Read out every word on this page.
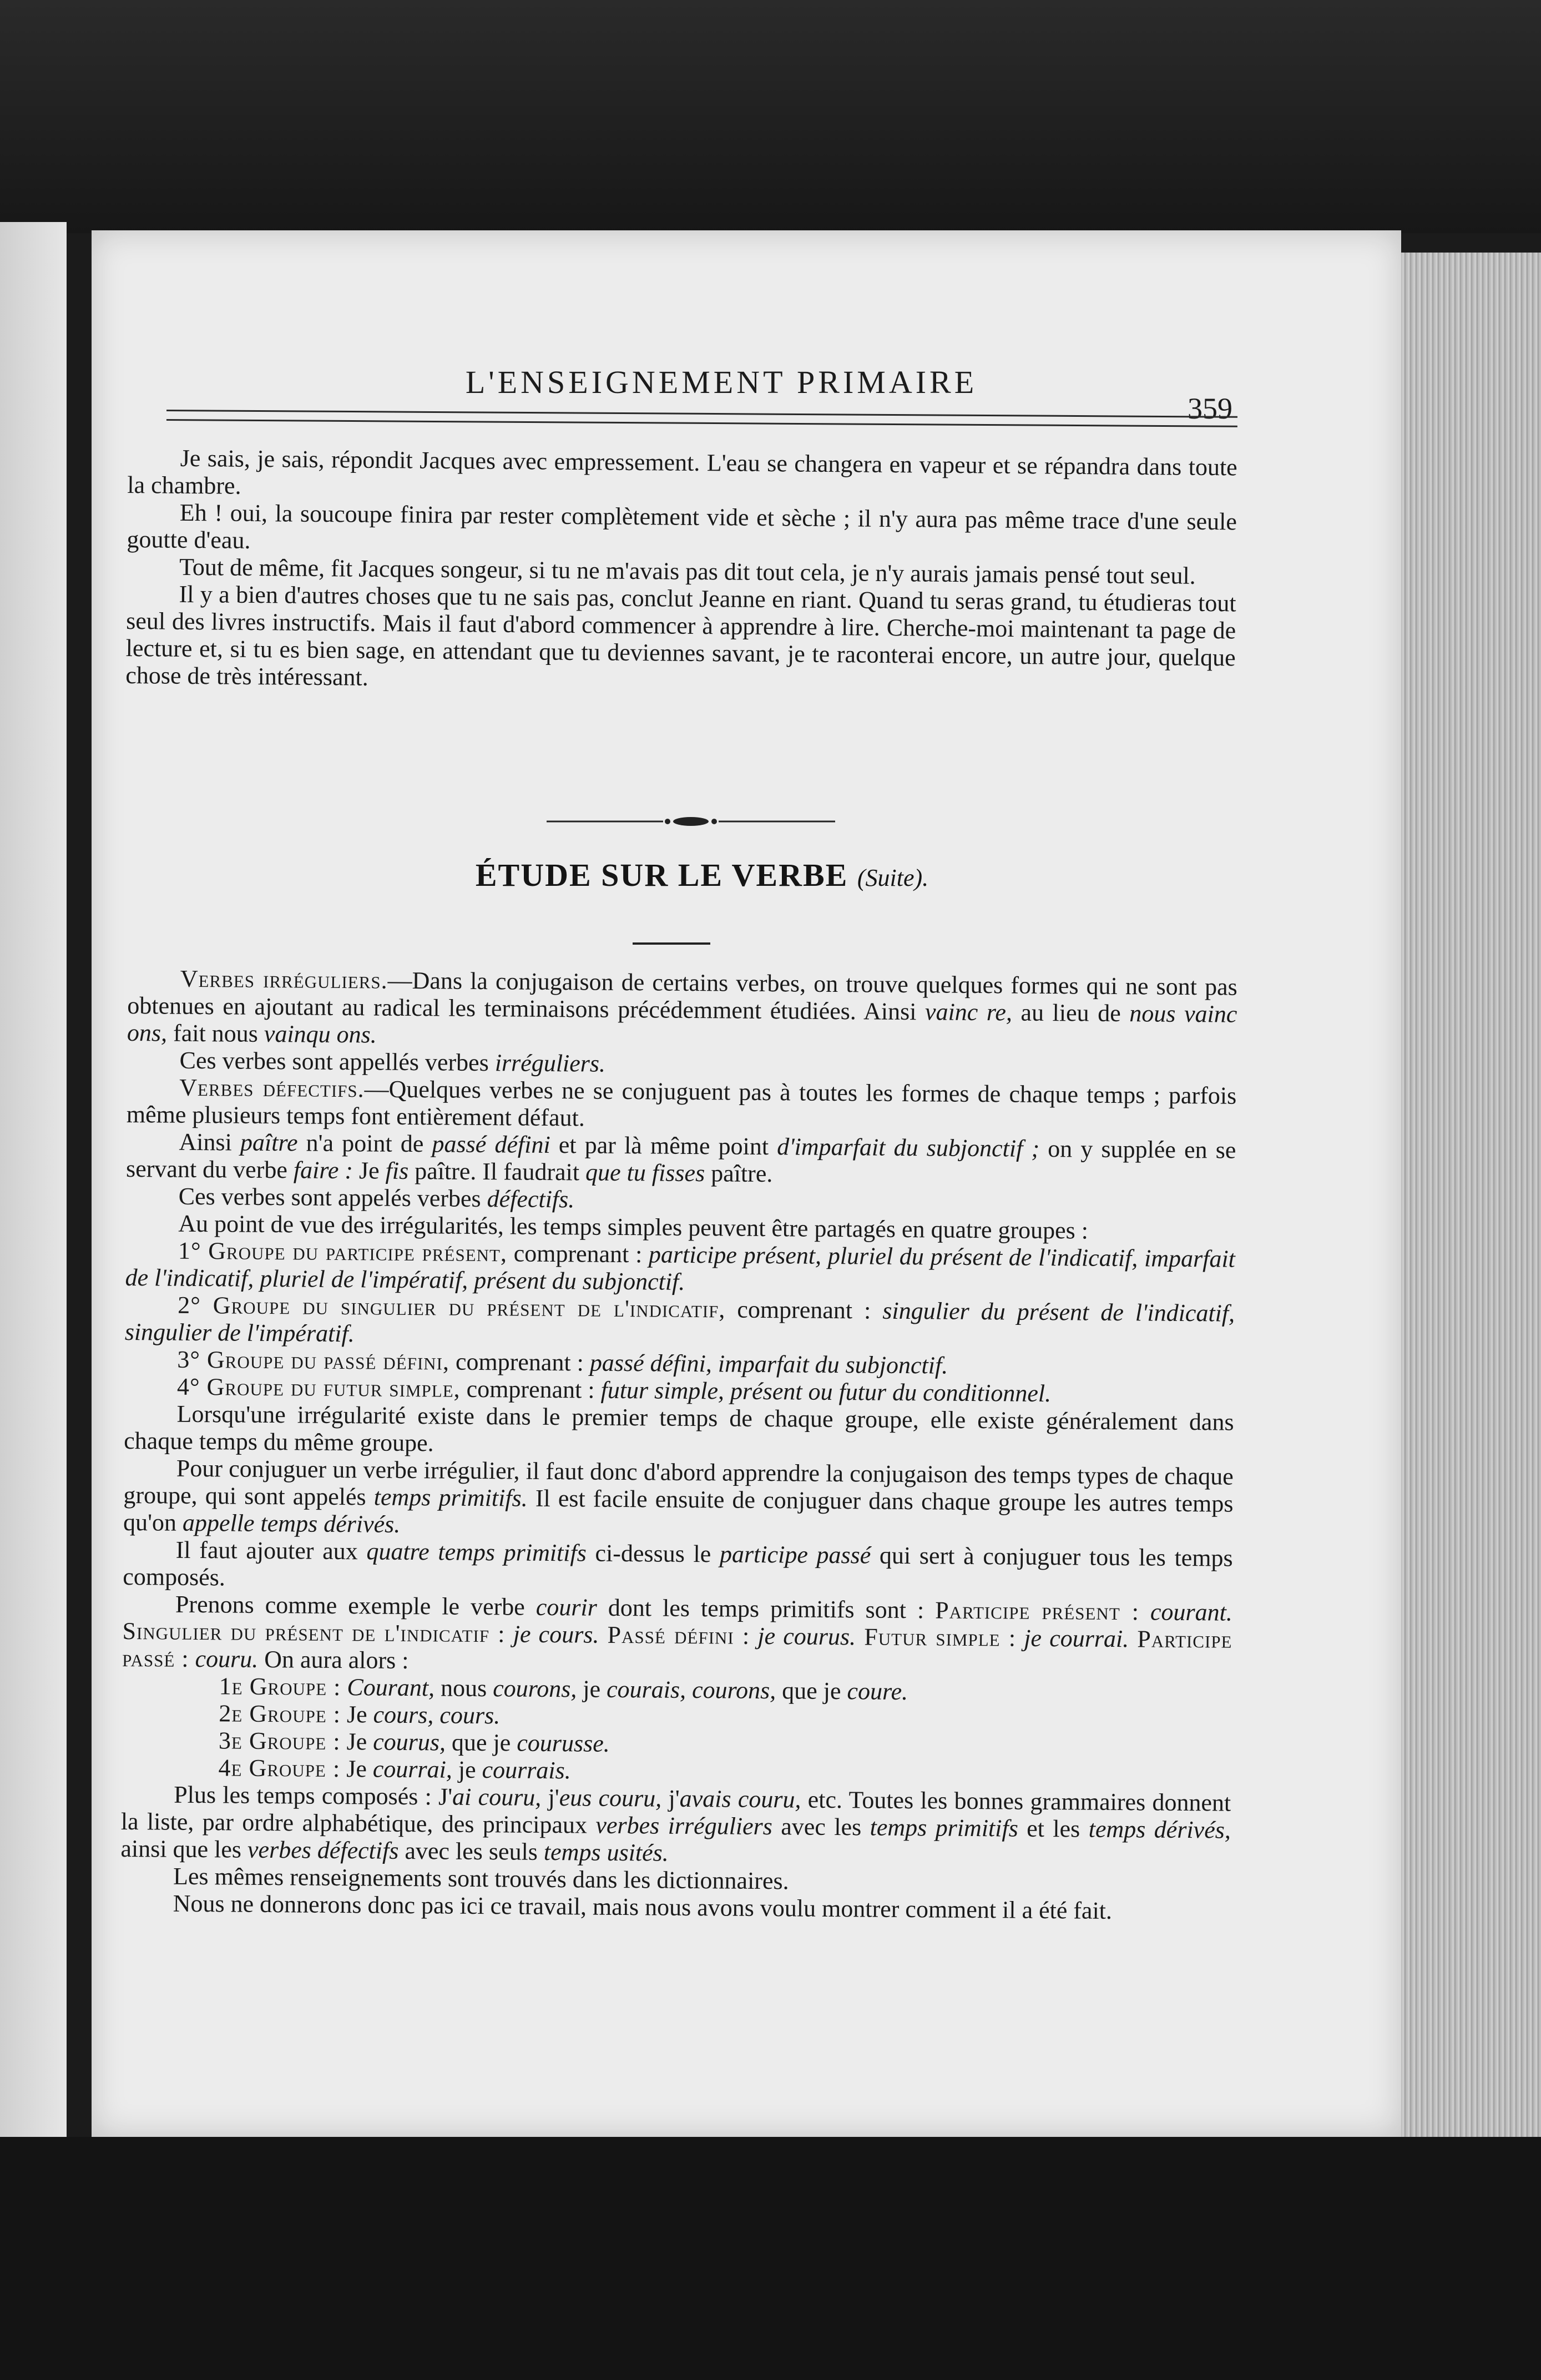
L'ENSEIGNEMENT PRIMAIRE
359

Je sais, je sais, répondit Jacques avec empressement. L'eau se changera en vapeur et se répandra dans toute la chambre.

Eh ! oui, la soucoupe finira par rester complètement vide et sèche ; il n'y aura pas même trace d'une seule goutte d'eau.

Tout de même, fit Jacques songeur, si tu ne m'avais pas dit tout cela, je n'y aurais jamais pensé tout seul.

Il y a bien d'autres choses que tu ne sais pas, conclut Jeanne en riant. Quand tu seras grand, tu étudieras tout seul des livres instructifs. Mais il faut d'abord commencer à apprendre à lire. Cherche-moi maintenant ta page de lecture et, si tu es bien sage, en attendant que tu deviennes savant, je te raconterai encore, un autre jour, quelque chose de très intéressant.

ÉTUDE SUR LE VERBE (Suite).

Verbes irréguliers.—Dans la conjugaison de certains verbes, on trouve quelques formes qui ne sont pas obtenues en ajoutant au radical les terminaisons précédemment étudiées. Ainsi vainc re, au lieu de nous vainc ons, fait nous vainqu ons.

Ces verbes sont appellés verbes irréguliers.

Verbes défectifs.—Quelques verbes ne se conjuguent pas à toutes les formes de chaque temps ; parfois même plusieurs temps font entièrement défaut.

Ainsi paître n'a point de passé défini et par là même point d'imparfait du subjonctif ; on y supplée en se servant du verbe faire : Je fis paître. Il faudrait que tu fisses paître.

Ces verbes sont appelés verbes défectifs.

Au point de vue des irrégularités, les temps simples peuvent être partagés en quatre groupes :

1° Groupe du participe présent, comprenant : participe présent, pluriel du présent de l'indicatif, imparfait de l'indicatif, pluriel de l'impératif, présent du subjonctif.

2° Groupe du singulier du présent de l'indicatif, comprenant : singulier du présent de l'indicatif, singulier de l'impératif.

3° Groupe du passé défini, comprenant : passé défini, imparfait du subjonctif.

4° Groupe du futur simple, comprenant : futur simple, présent ou futur du conditionnel.

Lorsqu'une irrégularité existe dans le premier temps de chaque groupe, elle existe généralement dans chaque temps du même groupe.

Pour conjuguer un verbe irrégulier, il faut donc d'abord apprendre la conjugaison des temps types de chaque groupe, qui sont appelés temps primitifs. Il est facile ensuite de conjuguer dans chaque groupe les autres temps qu'on appelle temps dérivés.

Il faut ajouter aux quatre temps primitifs ci-dessus le participe passé qui sert à conjuguer tous les temps composés.

Prenons comme exemple le verbe courir dont les temps primitifs sont : Participe présent : courant. Singulier du présent de l'indicatif : je cours. Passé défini : je courus. Futur simple : je courrai. Participe passé : couru. On aura alors :

1e Groupe : Courant, nous courons, je courais, courons, que je coure.

2e Groupe : Je cours, cours.

3e Groupe : Je courus, que je courusse.

4e Groupe : Je courrai, je courrais.

Plus les temps composés : J'ai couru, j'eus couru, j'avais couru, etc. Toutes les bonnes grammaires donnent la liste, par ordre alphabétique, des principaux verbes irréguliers avec les temps primitifs et les temps dérivés, ainsi que les verbes défectifs avec les seuls temps usités.

Les mêmes renseignements sont trouvés dans les dictionnaires.

Nous ne donnerons donc pas ici ce travail, mais nous avons voulu montrer comment il a été fait.
